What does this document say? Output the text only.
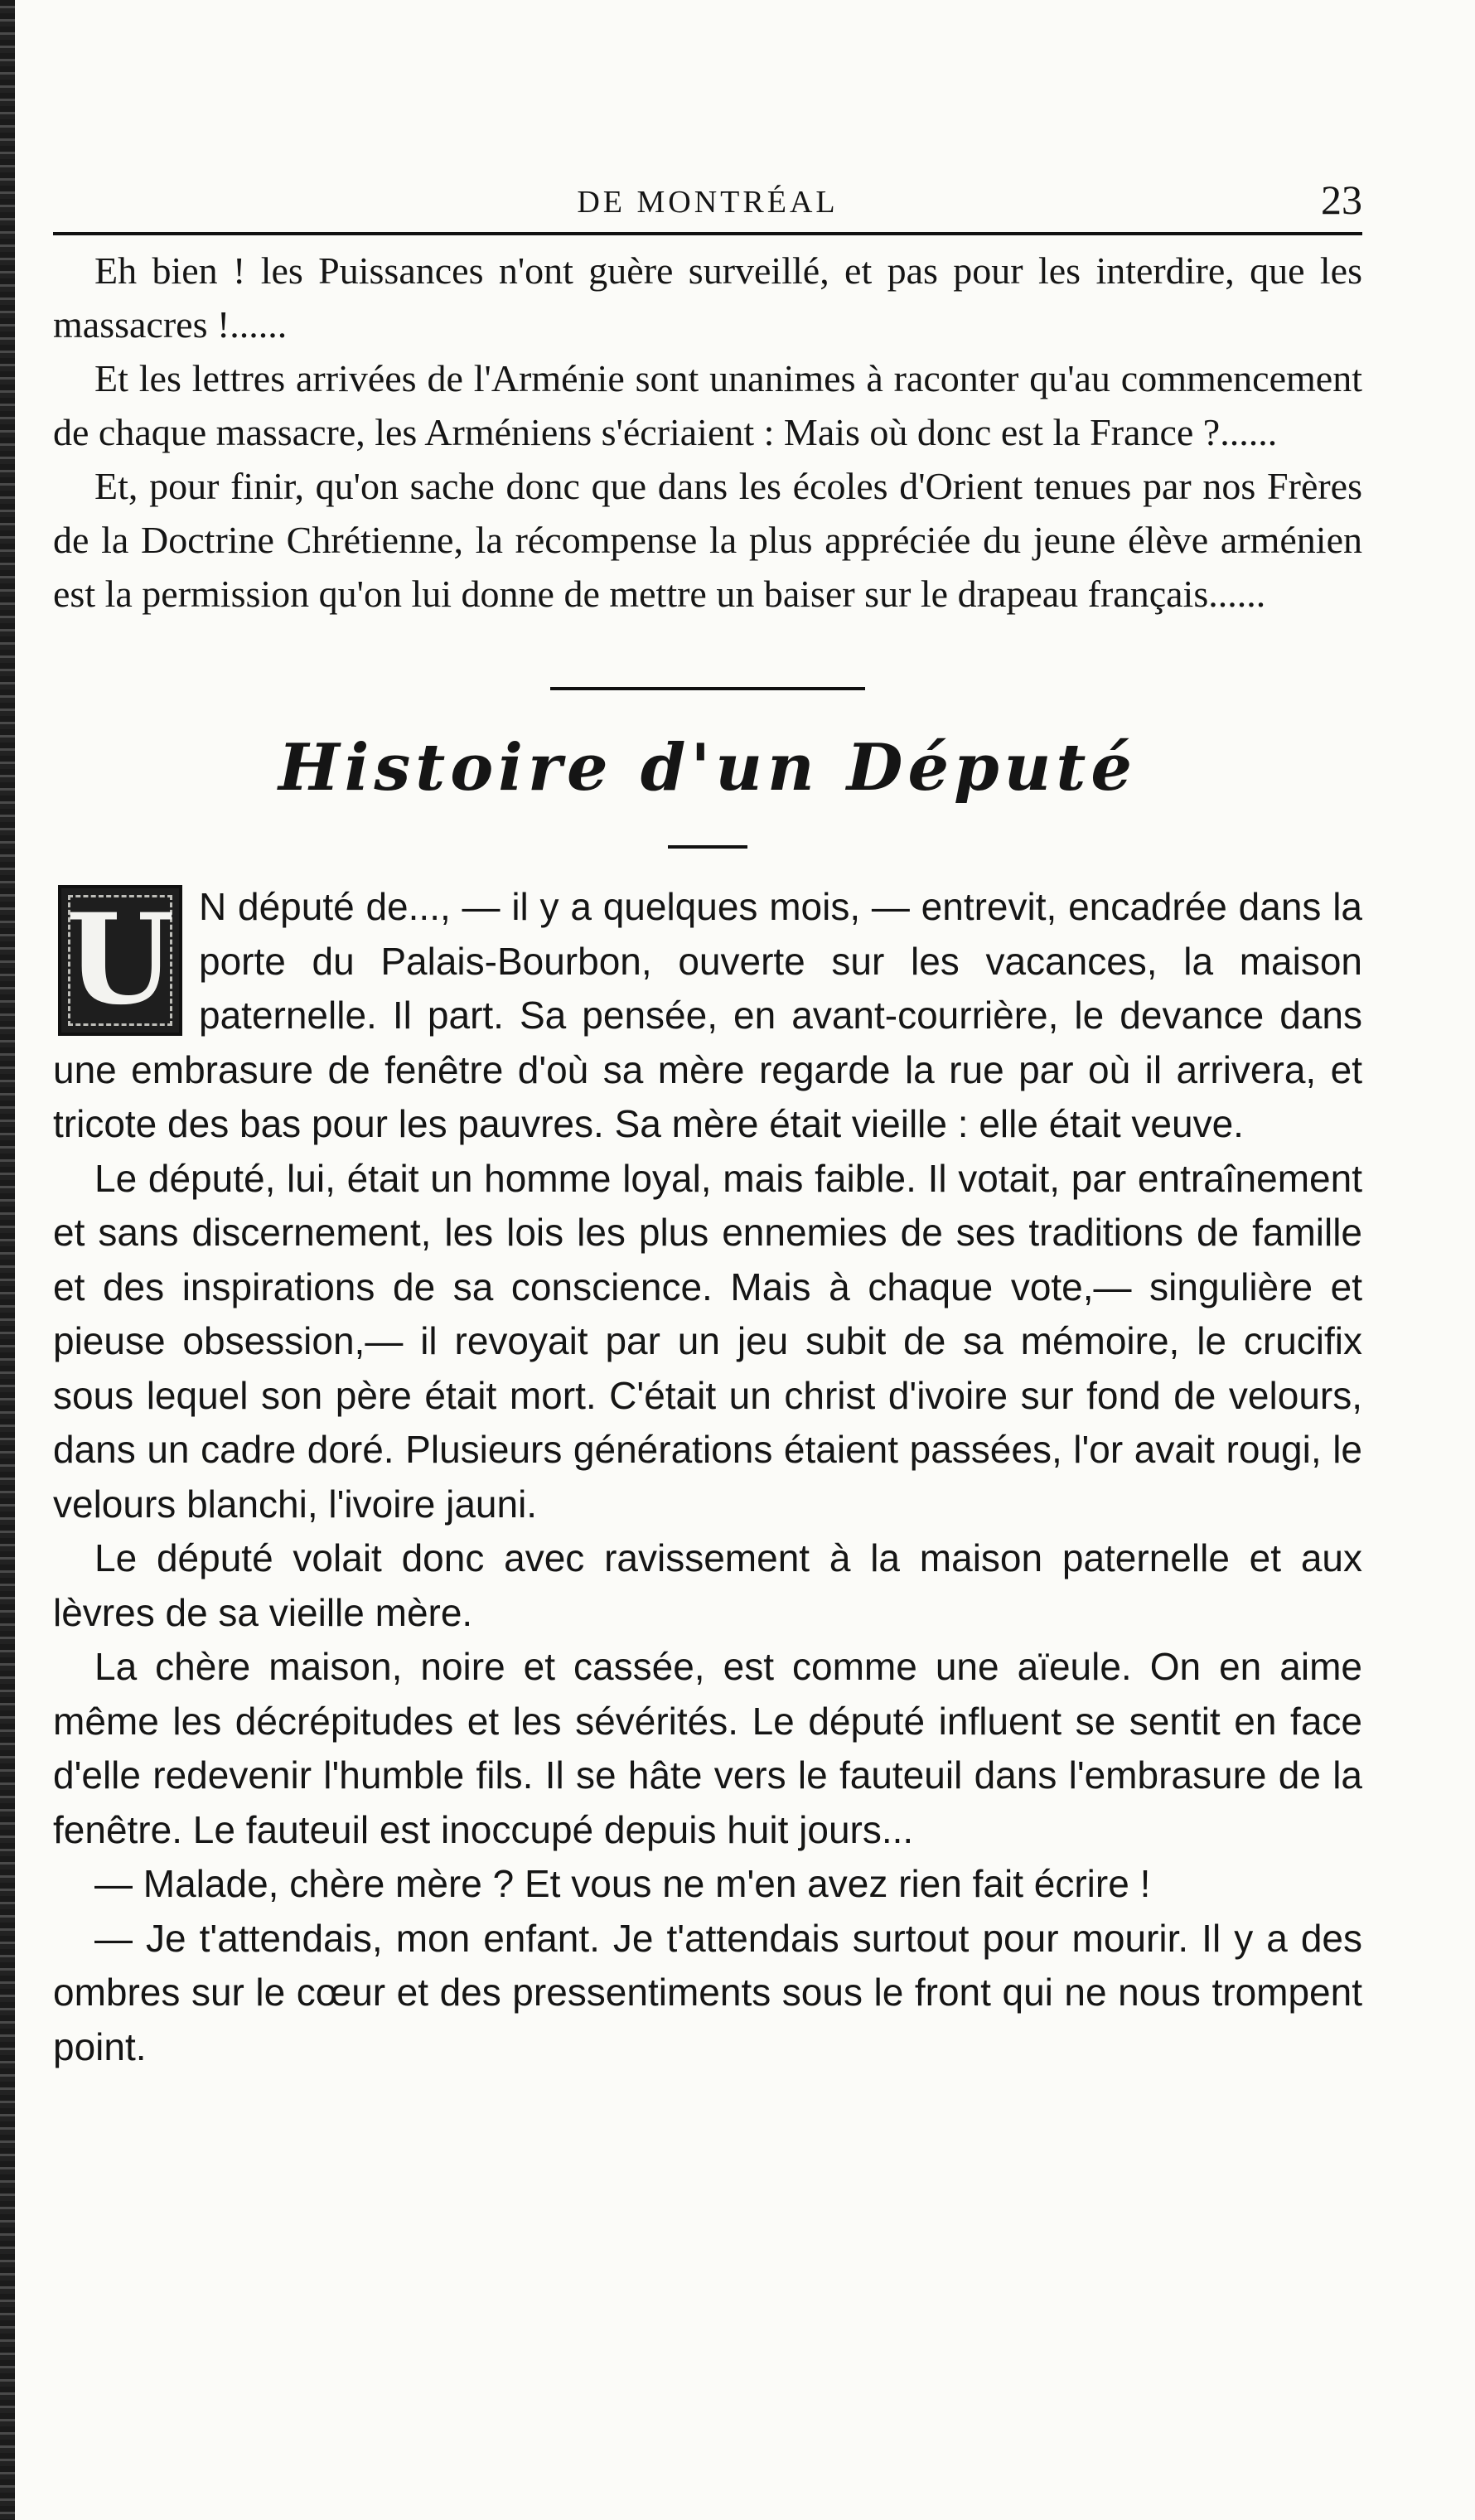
DE MONTRÉAL	23

Eh bien ! les Puissances n'ont guère surveillé, et pas pour les interdire, que les massacres !......

Et les lettres arrivées de l'Arménie sont unanimes à raconter qu'au commencement de chaque massacre, les Arméniens s'écriaient : Mais où donc est la France ?......

Et, pour finir, qu'on sache donc que dans les écoles d'Orient tenues par nos Frères de la Doctrine Chrétienne, la récompense la plus appréciée du jeune élève arménien est la permission qu'on lui donne de mettre un baiser sur le drapeau français......

Histoire d'un Député

U N député de..., — il y a quelques mois, — entrevit, encadrée dans la porte du Palais-Bourbon, ouverte sur les vacances, la maison paternelle. Il part. Sa pensée, en avant-courrière, le devance dans une embrasure de fenêtre d'où sa mère regarde la rue par où il arrivera, et tricote des bas pour les pauvres. Sa mère était vieille : elle était veuve.

Le député, lui, était un homme loyal, mais faible. Il votait, par entraînement et sans discernement, les lois les plus ennemies de ses traditions de famille et des inspirations de sa conscience. Mais à chaque vote,— singulière et pieuse obsession,— il revoyait par un jeu subit de sa mémoire, le crucifix sous lequel son père était mort. C'était un christ d'ivoire sur fond de velours, dans un cadre doré. Plusieurs générations étaient passées, l'or avait rougi, le velours blanchi, l'ivoire jauni.

Le député volait donc avec ravissement à la maison paternelle et aux lèvres de sa vieille mère.

La chère maison, noire et cassée, est comme une aïeule. On en aime même les décrépitudes et les sévérités. Le député influent se sentit en face d'elle redevenir l'humble fils. Il se hâte vers le fauteuil dans l'embrasure de la fenêtre. Le fauteuil est inoccupé depuis huit jours...

— Malade, chère mère ? Et vous ne m'en avez rien fait écrire !

— Je t'attendais, mon enfant. Je t'attendais surtout pour mourir. Il y a des ombres sur le cœur et des pressentiments sous le front qui ne nous trompent point.
